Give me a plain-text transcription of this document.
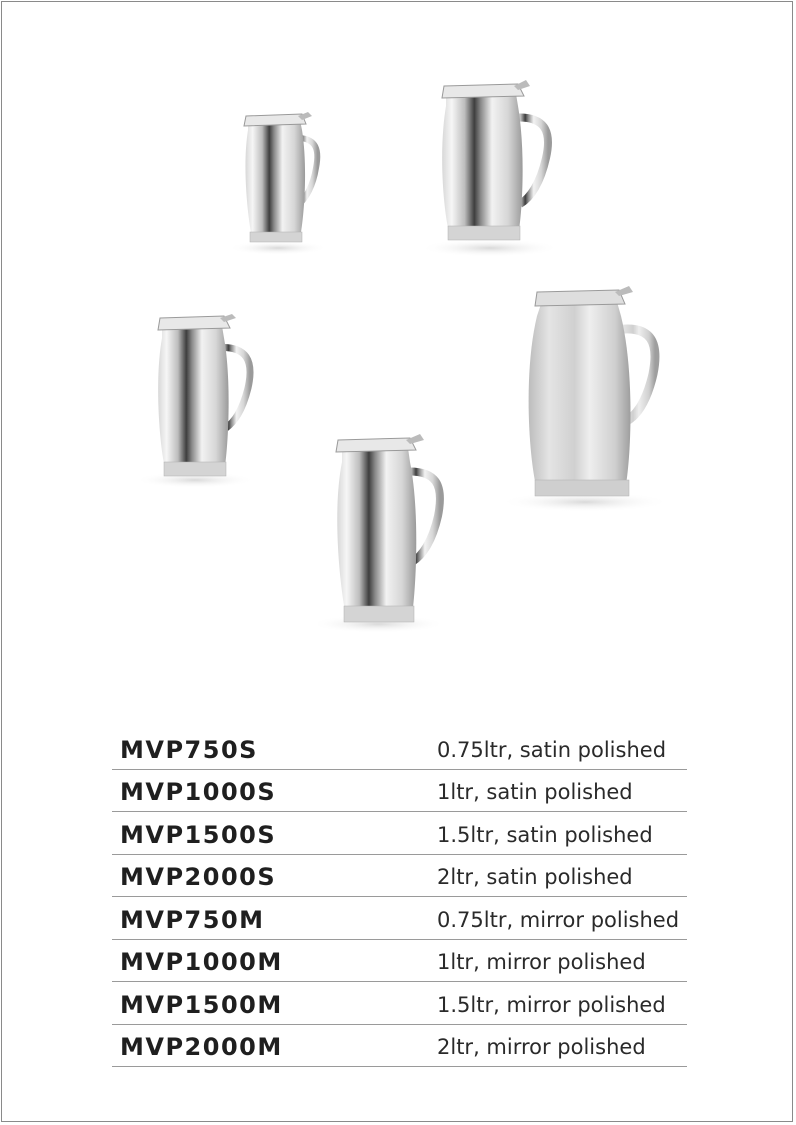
MVP750S	0.75ltr, satin polished
MVP1000S	1ltr, satin polished
MVP1500S	1.5ltr, satin polished
MVP2000S	2ltr, satin polished
MVP750M	0.75ltr, mirror polished
MVP1000M	1ltr, mirror polished
MVP1500M	1.5ltr, mirror polished
MVP2000M	2ltr, mirror polished
